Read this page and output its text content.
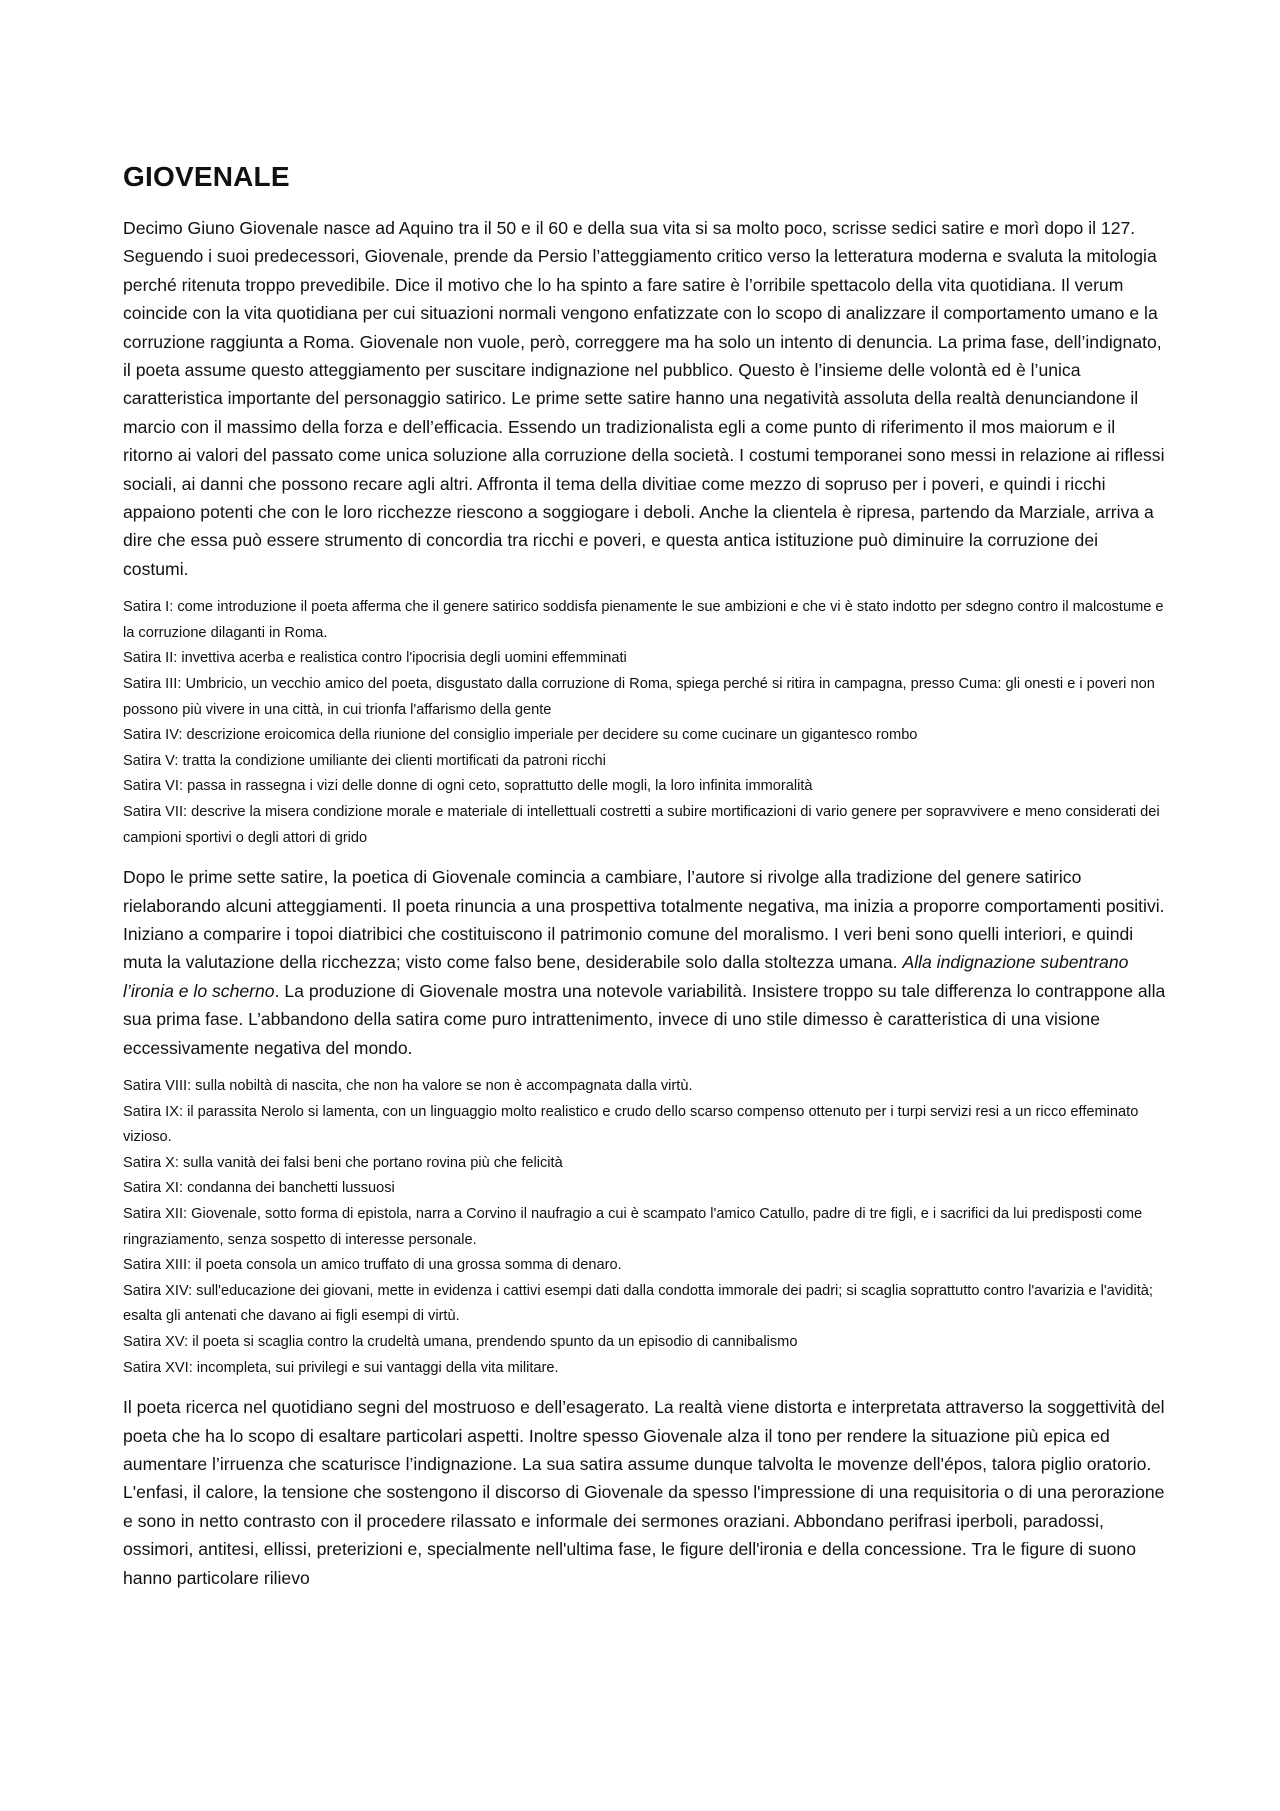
GIOVENALE

Decimo Giuno Giovenale nasce ad Aquino tra il 50 e il 60 e della sua vita si sa molto poco, scrisse sedici satire e morì dopo il 127. Seguendo i suoi predecessori, Giovenale, prende da Persio l’atteggiamento critico verso la letteratura moderna e svaluta la mitologia perché ritenuta troppo prevedibile. Dice il motivo che lo ha spinto a fare satire è l’orribile spettacolo della vita quotidiana. Il verum coincide con la vita quotidiana per cui situazioni normali vengono enfatizzate con lo scopo di analizzare il comportamento umano e la corruzione raggiunta a Roma. Giovenale non vuole, però, correggere ma ha solo un intento di denuncia. La prima fase, dell’indignato, il poeta assume questo atteggiamento per suscitare indignazione nel pubblico. Questo è l’insieme delle volontà ed è l’unica caratteristica importante del personaggio satirico. Le prime sette satire hanno una negatività assoluta della realtà denunciandone il marcio con il massimo della forza e dell’efficacia. Essendo un tradizionalista egli a come punto di riferimento il mos maiorum e il ritorno ai valori del passato come unica soluzione alla corruzione della società. I costumi temporanei sono messi in relazione ai riflessi sociali, ai danni che possono recare agli altri. Affronta il tema della divitiae come mezzo di sopruso per i poveri, e quindi i ricchi appaiono potenti che con le loro ricchezze riescono a soggiogare i deboli. Anche la clientela è ripresa, partendo da Marziale, arriva a dire che essa può essere strumento di concordia tra ricchi e poveri, e questa antica istituzione può diminuire la corruzione dei costumi.

Satira I: come introduzione il poeta afferma che il genere satirico soddisfa pienamente le sue ambizioni e che vi è stato indotto per sdegno contro il malcostume e la corruzione dilaganti in Roma.
Satira II: invettiva acerba e realistica contro l'ipocrisia degli uomini effemminati
Satira III: Umbricio, un vecchio amico del poeta, disgustato dalla corruzione di Roma, spiega perché si ritira in campagna, presso Cuma: gli onesti e i poveri non possono più vivere in una città, in cui trionfa l'affarismo della gente
Satira IV: descrizione eroicomica della riunione del consiglio imperiale per decidere su come cucinare un gigantesco rombo
Satira V: tratta la condizione umiliante dei clienti mortificati da patroni ricchi
Satira VI: passa in rassegna i vizi delle donne di ogni ceto, soprattutto delle mogli, la loro infinita immoralità
Satira VII: descrive la misera condizione morale e materiale di intellettuali costretti a subire mortificazioni di vario genere per sopravvivere e meno considerati dei campioni sportivi o degli attori di grido

Dopo le prime sette satire, la poetica di Giovenale comincia a cambiare, l’autore si rivolge alla tradizione del genere satirico rielaborando alcuni atteggiamenti. Il poeta rinuncia a una prospettiva totalmente negativa, ma inizia a proporre comportamenti positivi. Iniziano a comparire i topoi diatribici che costituiscono il patrimonio comune del moralismo. I veri beni sono quelli interiori, e quindi muta la valutazione della ricchezza; visto come falso bene, desiderabile solo dalla stoltezza umana. Alla indignazione subentrano l’ironia e lo scherno. La produzione di Giovenale mostra una notevole variabilità. Insistere troppo su tale differenza lo contrappone alla sua prima fase. L’abbandono della satira come puro intrattenimento, invece di uno stile dimesso è caratteristica di una visione eccessivamente negativa del mondo.

Satira VIII: sulla nobiltà di nascita, che non ha valore se non è accompagnata dalla virtù.
Satira IX: il parassita Nerolo si lamenta, con un linguaggio molto realistico e crudo dello scarso compenso ottenuto per i turpi servizi resi a un ricco effeminato vizioso.
Satira X: sulla vanità dei falsi beni che portano rovina più che felicità
Satira XI: condanna dei banchetti lussuosi
Satira XII: Giovenale, sotto forma di epistola, narra a Corvino il naufragio a cui è scampato l'amico Catullo, padre di tre figli, e i sacrifici da lui predisposti come ringraziamento, senza sospetto di interesse personale.
Satira XIII: il poeta consola un amico truffato di una grossa somma di denaro.
Satira XIV: sull'educazione dei giovani, mette in evidenza i cattivi esempi dati dalla condotta immorale dei padri; si scaglia soprattutto contro l'avarizia e l'avidità; esalta gli antenati che davano ai figli esempi di virtù.
Satira XV: il poeta si scaglia contro la crudeltà umana, prendendo spunto da un episodio di cannibalismo
Satira XVI: incompleta, sui privilegi e sui vantaggi della vita militare.

Il poeta ricerca nel quotidiano segni del mostruoso e dell’esagerato. La realtà viene distorta e interpretata attraverso la soggettività del poeta che ha lo scopo di esaltare particolari aspetti. Inoltre spesso Giovenale alza il tono per rendere la situazione più epica ed aumentare l’irruenza che scaturisce l’indignazione. La sua satira assume dunque talvolta le movenze dell'épos, talora piglio oratorio. L'enfasi, il calore, la tensione che sostengono il discorso di Giovenale da spesso l'impressione di una requisitoria o di una perorazione e sono in netto contrasto con il procedere rilassato e informale dei sermones oraziani. Abbondano perifrasi iperboli, paradossi, ossimori, antitesi, ellissi, preterizioni e, specialmente nell'ultima fase, le figure dell'ironia e della concessione. Tra le figure di suono hanno particolare rilievo
